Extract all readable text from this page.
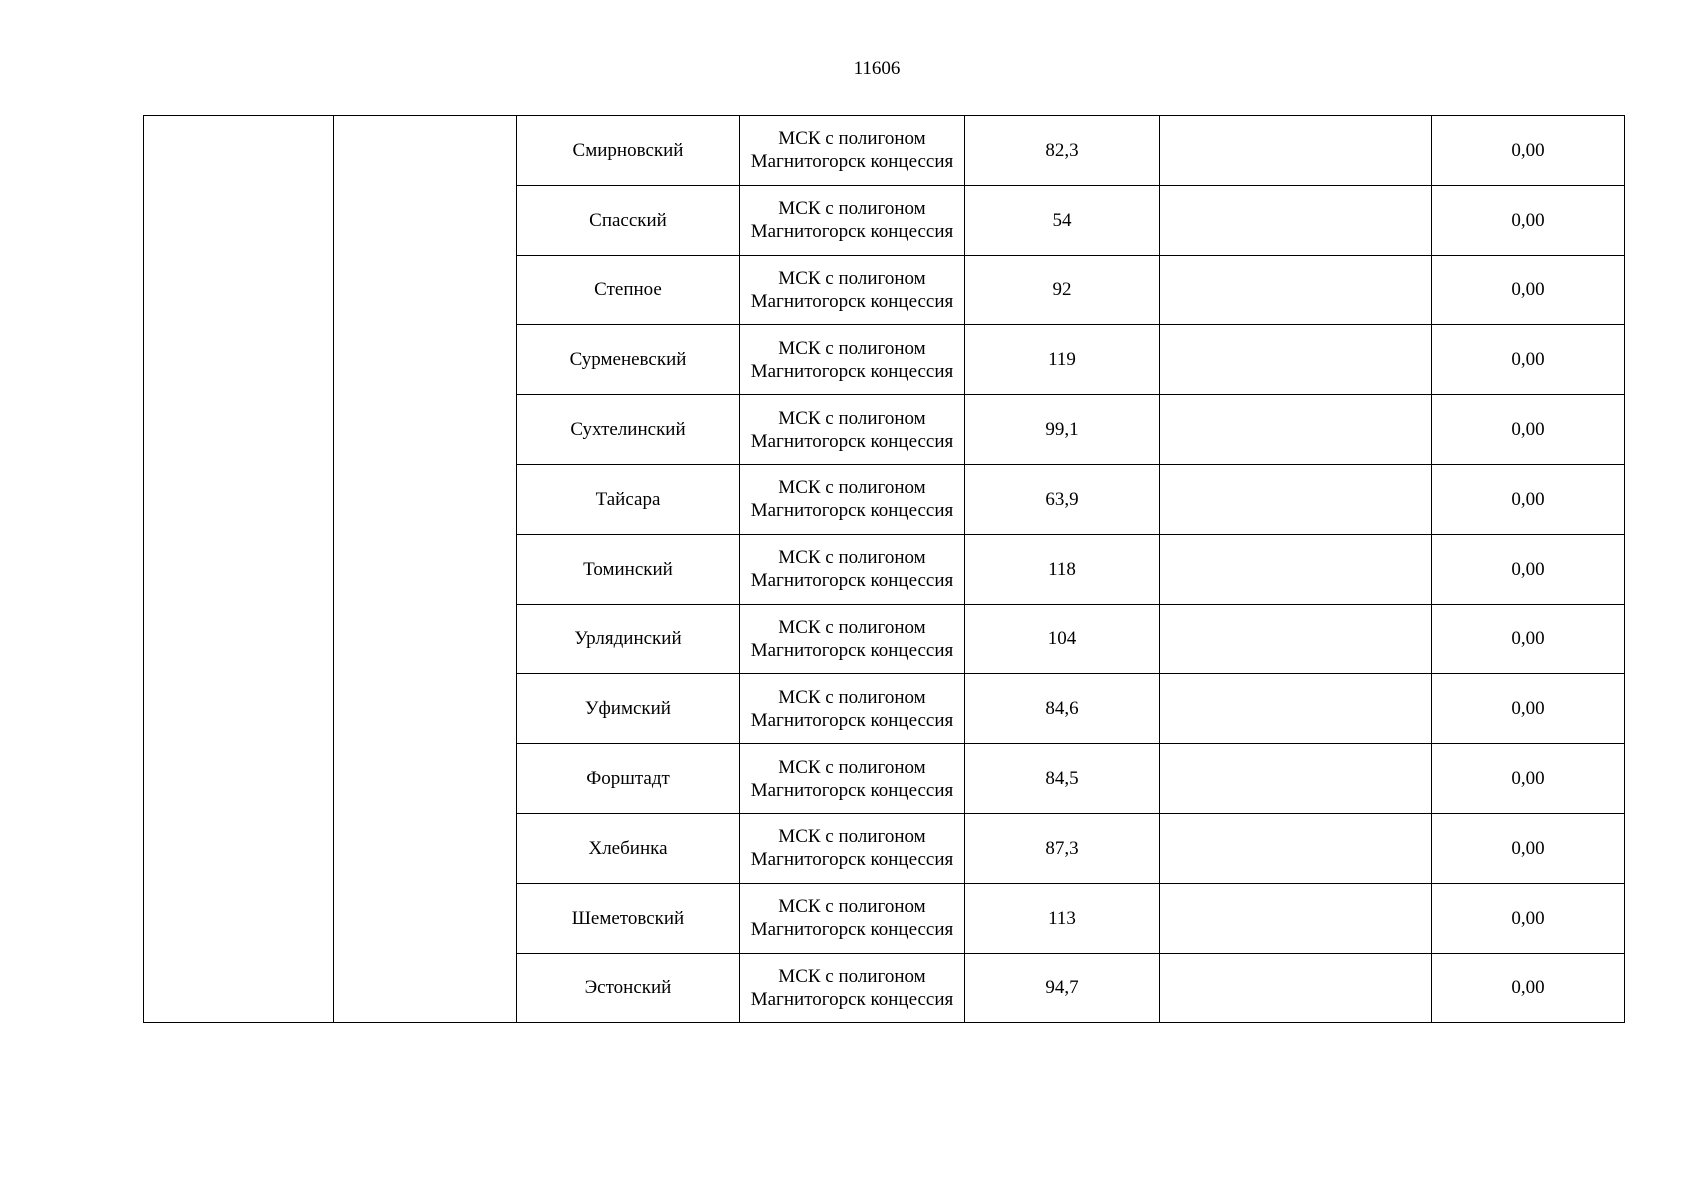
11606
		Смирновский	МСК с полигоном Магнитогорск концессия	82,3		0,00
		Спасский	МСК с полигоном Магнитогорск концессия	54		0,00
		Степное	МСК с полигоном Магнитогорск концессия	92		0,00
		Сурменевский	МСК с полигоном Магнитогорск концессия	119		0,00
		Сухтелинский	МСК с полигоном Магнитогорск концессия	99,1		0,00
		Тайсара	МСК с полигоном Магнитогорск концессия	63,9		0,00
		Томинский	МСК с полигоном Магнитогорск концессия	118		0,00
		Урлядинский	МСК с полигоном Магнитогорск концессия	104		0,00
		Уфимский	МСК с полигоном Магнитогорск концессия	84,6		0,00
		Форштадт	МСК с полигоном Магнитогорск концессия	84,5		0,00
		Хлебинка	МСК с полигоном Магнитогорск концессия	87,3		0,00
		Шеметовский	МСК с полигоном Магнитогорск концессия	113		0,00
		Эстонский	МСК с полигоном Магнитогорск концессия	94,7		0,00
